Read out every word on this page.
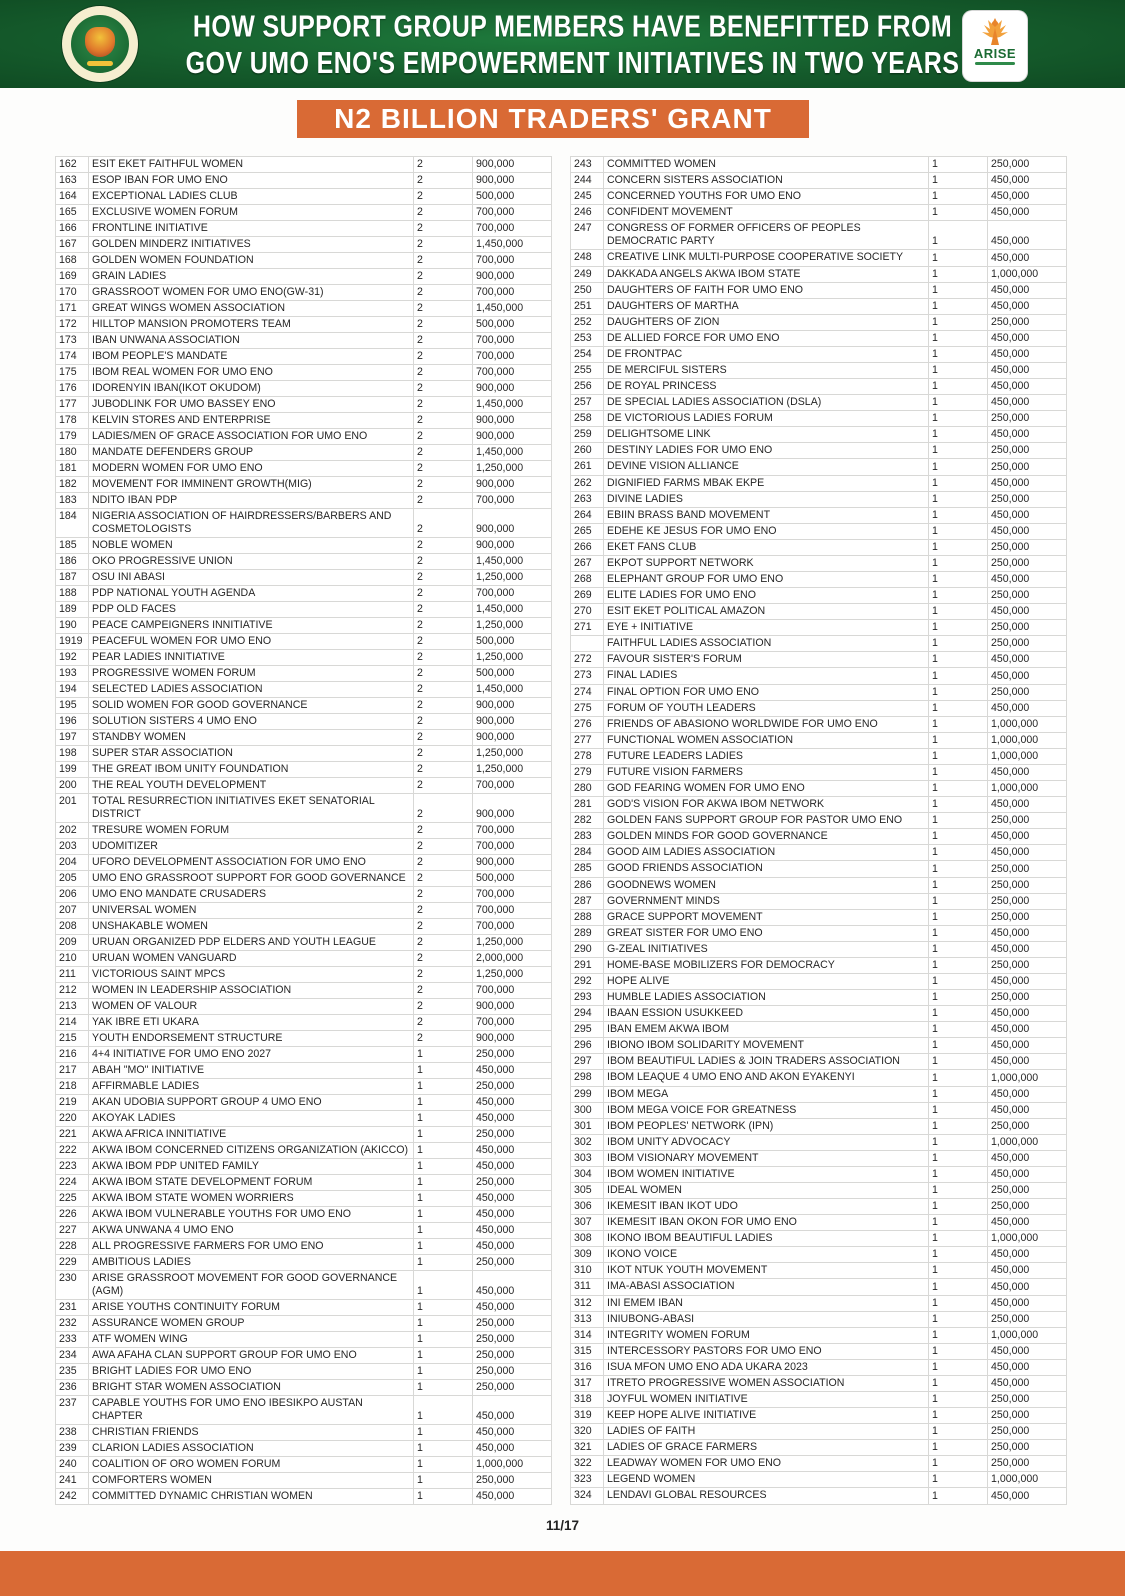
HOW SUPPORT GROUP MEMBERS HAVE BENEFITTED FROM
GOV UMO ENO'S EMPOWERMENT INITIATIVES IN TWO YEARS ARISE
N2 BILLION TRADERS' GRANT
162	ESIT EKET FAITHFUL WOMEN	2	900,000
163	ESOP IBAN FOR UMO ENO	2	900,000
164	EXCEPTIONAL LADIES CLUB	2	500,000
165	EXCLUSIVE WOMEN FORUM	2	700,000
166	FRONTLINE INITIATIVE	2	700,000
167	GOLDEN MINDERZ INITIATIVES	2	1,450,000
168	GOLDEN WOMEN FOUNDATION	2	700,000
169	GRAIN LADIES	2	900,000
170	GRASSROOT WOMEN FOR UMO ENO(GW-31)	2	700,000
171	GREAT WINGS WOMEN ASSOCIATION	2	1,450,000
172	HILLTOP MANSION PROMOTERS TEAM	2	500,000
173	IBAN UNWANA ASSOCIATION	2	700,000
174	IBOM PEOPLE'S MANDATE	2	700,000
175	IBOM REAL WOMEN FOR UMO ENO	2	700,000
176	IDORENYIN IBAN(IKOT OKUDOM)	2	900,000
177	JUBODLINK FOR UMO BASSEY ENO	2	1,450,000
178	KELVIN STORES AND ENTERPRISE	2	900,000
179	LADIES/MEN OF GRACE ASSOCIATION FOR UMO ENO	2	900,000
180	MANDATE DEFENDERS GROUP	2	1,450,000
181	MODERN WOMEN FOR UMO ENO	2	1,250,000
182	MOVEMENT FOR IMMINENT GROWTH(MIG)	2	900,000
183	NDITO IBAN PDP	2	700,000
184	NIGERIA ASSOCIATION OF HAIRDRESSERS/BARBERS AND COSMETOLOGISTS	2	900,000
185	NOBLE WOMEN	2	900,000
186	OKO PROGRESSIVE UNION	2	1,450,000
187	OSU INI ABASI	2	1,250,000
188	PDP NATIONAL YOUTH AGENDA	2	700,000
189	PDP OLD FACES	2	1,450,000
190	PEACE CAMPEIGNERS INNITIATIVE	2	1,250,000
1919	PEACEFUL WOMEN FOR UMO ENO	2	500,000
192	PEAR LADIES INNITIATIVE	2	1,250,000
193	PROGRESSIVE WOMEN FORUM	2	500,000
194	SELECTED LADIES ASSOCIATION	2	1,450,000
195	SOLID WOMEN FOR GOOD GOVERNANCE	2	900,000
196	SOLUTION SISTERS 4 UMO ENO	2	900,000
197	STANDBY WOMEN	2	900,000
198	SUPER STAR ASSOCIATION	2	1,250,000
199	THE GREAT IBOM UNITY FOUNDATION	2	1,250,000
200	THE REAL YOUTH DEVELOPMENT	2	700,000
201	TOTAL RESURRECTION INITIATIVES EKET SENATORIAL DISTRICT	2	900,000
202	TRESURE WOMEN FORUM	2	700,000
203	UDOMITIZER	2	700,000
204	UFORO DEVELOPMENT ASSOCIATION FOR UMO ENO	2	900,000
205	UMO ENO GRASSROOT SUPPORT FOR GOOD GOVERNANCE	2	500,000
206	UMO ENO MANDATE CRUSADERS	2	700,000
207	UNIVERSAL WOMEN	2	700,000
208	UNSHAKABLE WOMEN	2	700,000
209	URUAN ORGANIZED PDP ELDERS AND YOUTH LEAGUE	2	1,250,000
210	URUAN WOMEN VANGUARD	2	2,000,000
211	VICTORIOUS SAINT MPCS	2	1,250,000
212	WOMEN IN LEADERSHIP ASSOCIATION	2	700,000
213	WOMEN OF VALOUR	2	900,000
214	YAK IBRE ETI UKARA	2	700,000
215	YOUTH ENDORSEMENT STRUCTURE	2	900,000
216	4+4 INITIATIVE FOR UMO ENO 2027	1	250,000
217	ABAH "MO" INITIATIVE	1	450,000
218	AFFIRMABLE LADIES	1	250,000
219	AKAN UDOBIA SUPPORT GROUP 4 UMO ENO	1	450,000
220	AKOYAK LADIES	1	450,000
221	AKWA AFRICA INNITIATIVE	1	250,000
222	AKWA IBOM CONCERNED CITIZENS ORGANIZATION (AKICCO)	1	450,000
223	AKWA IBOM PDP UNITED FAMILY	1	450,000
224	AKWA IBOM STATE DEVELOPMENT FORUM	1	250,000
225	AKWA IBOM STATE WOMEN WORRIERS	1	450,000
226	AKWA IBOM VULNERABLE YOUTHS FOR UMO ENO	1	450,000
227	AKWA UNWANA 4 UMO ENO	1	450,000
228	ALL PROGRESSIVE FARMERS FOR UMO ENO	1	450,000
229	AMBITIOUS LADIES	1	250,000
230	ARISE GRASSROOT MOVEMENT FOR GOOD GOVERNANCE (AGM)	1	450,000
231	ARISE YOUTHS CONTINUITY FORUM	1	450,000
232	ASSURANCE WOMEN GROUP	1	250,000
233	ATF WOMEN WING	1	250,000
234	AWA AFAHA CLAN SUPPORT GROUP FOR UMO ENO	1	250,000
235	BRIGHT LADIES FOR UMO ENO	1	250,000
236	BRIGHT STAR WOMEN ASSOCIATION	1	250,000
237	CAPABLE YOUTHS FOR UMO ENO IBESIKPO AUSTAN CHAPTER	1	450,000
238	CHRISTIAN FRIENDS	1	450,000
239	CLARION LADIES ASSOCIATION	1	450,000
240	COALITION OF ORO WOMEN FORUM	1	1,000,000
241	COMFORTERS WOMEN	1	250,000
242	COMMITTED DYNAMIC CHRISTIAN WOMEN	1	450,000
243	COMMITTED WOMEN	1	250,000
244	CONCERN SISTERS ASSOCIATION	1	450,000
245	CONCERNED YOUTHS FOR UMO ENO	1	450,000
246	CONFIDENT MOVEMENT	1	450,000
247	CONGRESS OF FORMER OFFICERS OF PEOPLES DEMOCRATIC PARTY	1	450,000
248	CREATIVE LINK MULTI-PURPOSE COOPERATIVE SOCIETY	1	450,000
249	DAKKADA ANGELS AKWA IBOM STATE	1	1,000,000
250	DAUGHTERS OF FAITH FOR UMO ENO	1	450,000
251	DAUGHTERS OF MARTHA	1	450,000
252	DAUGHTERS OF ZION	1	250,000
253	DE ALLIED FORCE FOR UMO ENO	1	450,000
254	DE FRONTPAC	1	450,000
255	DE MERCIFUL SISTERS	1	450,000
256	DE ROYAL PRINCESS	1	450,000
257	DE SPECIAL LADIES ASSOCIATION (DSLA)	1	450,000
258	DE VICTORIOUS LADIES FORUM	1	250,000
259	DELIGHTSOME LINK	1	450,000
260	DESTINY LADIES FOR UMO ENO	1	250,000
261	DEVINE VISION ALLIANCE	1	250,000
262	DIGNIFIED FARMS MBAK EKPE	1	450,000
263	DIVINE LADIES	1	250,000
264	EBIIN BRASS BAND MOVEMENT	1	450,000
265	EDEHE KE JESUS FOR UMO ENO	1	450,000
266	EKET FANS CLUB	1	250,000
267	EKPOT SUPPORT NETWORK	1	250,000
268	ELEPHANT GROUP FOR UMO ENO	1	450,000
269	ELITE LADIES FOR UMO ENO	1	250,000
270	ESIT EKET POLITICAL AMAZON	1	450,000
271	EYE + INITIATIVE	1	250,000
	FAITHFUL LADIES ASSOCIATION	1	250,000
272	FAVOUR SISTER'S FORUM	1	450,000
273	FINAL LADIES	1	450,000
274	FINAL OPTION FOR UMO ENO	1	250,000
275	FORUM OF YOUTH LEADERS	1	450,000
276	FRIENDS OF ABASIONO WORLDWIDE FOR UMO ENO	1	1,000,000
277	FUNCTIONAL WOMEN ASSOCIATION	1	1,000,000
278	FUTURE LEADERS LADIES	1	1,000,000
279	FUTURE VISION FARMERS	1	450,000
280	GOD FEARING WOMEN FOR UMO ENO	1	1,000,000
281	GOD'S VISION FOR AKWA IBOM NETWORK	1	450,000
282	GOLDEN FANS SUPPORT GROUP FOR PASTOR UMO ENO	1	250,000
283	GOLDEN MINDS FOR GOOD GOVERNANCE	1	450,000
284	GOOD AIM LADIES ASSOCIATION	1	450,000
285	GOOD FRIENDS ASSOCIATION	1	250,000
286	GOODNEWS WOMEN	1	250,000
287	GOVERNMENT MINDS	1	250,000
288	GRACE SUPPORT MOVEMENT	1	250,000
289	GREAT SISTER FOR UMO ENO	1	450,000
290	G-ZEAL INITIATIVES	1	450,000
291	HOME-BASE MOBILIZERS FOR DEMOCRACY	1	250,000
292	HOPE ALIVE	1	450,000
293	HUMBLE LADIES ASSOCIATION	1	250,000
294	IBAAN ESSION USUKKEED	1	450,000
295	IBAN EMEM AKWA IBOM	1	450,000
296	IBIONO IBOM SOLIDARITY MOVEMENT	1	450,000
297	IBOM BEAUTIFUL LADIES & JOIN TRADERS ASSOCIATION	1	450,000
298	IBOM LEAQUE 4 UMO ENO AND AKON EYAKENYI	1	1,000,000
299	IBOM MEGA	1	450,000
300	IBOM MEGA VOICE FOR GREATNESS	1	450,000
301	IBOM PEOPLES' NETWORK (IPN)	1	250,000
302	IBOM UNITY ADVOCACY	1	1,000,000
303	IBOM VISIONARY MOVEMENT	1	450,000
304	IBOM WOMEN INITIATIVE	1	450,000
305	IDEAL WOMEN	1	250,000
306	IKEMESIT IBAN IKOT UDO	1	250,000
307	IKEMESIT IBAN OKON FOR UMO ENO	1	450,000
308	IKONO IBOM BEAUTIFUL LADIES	1	1,000,000
309	IKONO VOICE	1	450,000
310	IKOT NTUK YOUTH MOVEMENT	1	450,000
311	IMA-ABASI ASSOCIATION	1	450,000
312	INI EMEM IBAN	1	450,000
313	INIUBONG-ABASI	1	250,000
314	INTEGRITY WOMEN FORUM	1	1,000,000
315	INTERCESSORY PASTORS FOR UMO ENO	1	450,000
316	ISUA MFON UMO ENO ADA UKARA 2023	1	450,000
317	ITRETO PROGRESSIVE WOMEN ASSOCIATION	1	450,000
318	JOYFUL WOMEN INITIATIVE	1	250,000
319	KEEP HOPE ALIVE INITIATIVE	1	250,000
320	LADIES OF FAITH	1	250,000
321	LADIES OF GRACE FARMERS	1	250,000
322	LEADWAY WOMEN FOR UMO ENO	1	250,000
323	LEGEND WOMEN	1	1,000,000
324	LENDAVI GLOBAL RESOURCES	1	450,000
11/17
